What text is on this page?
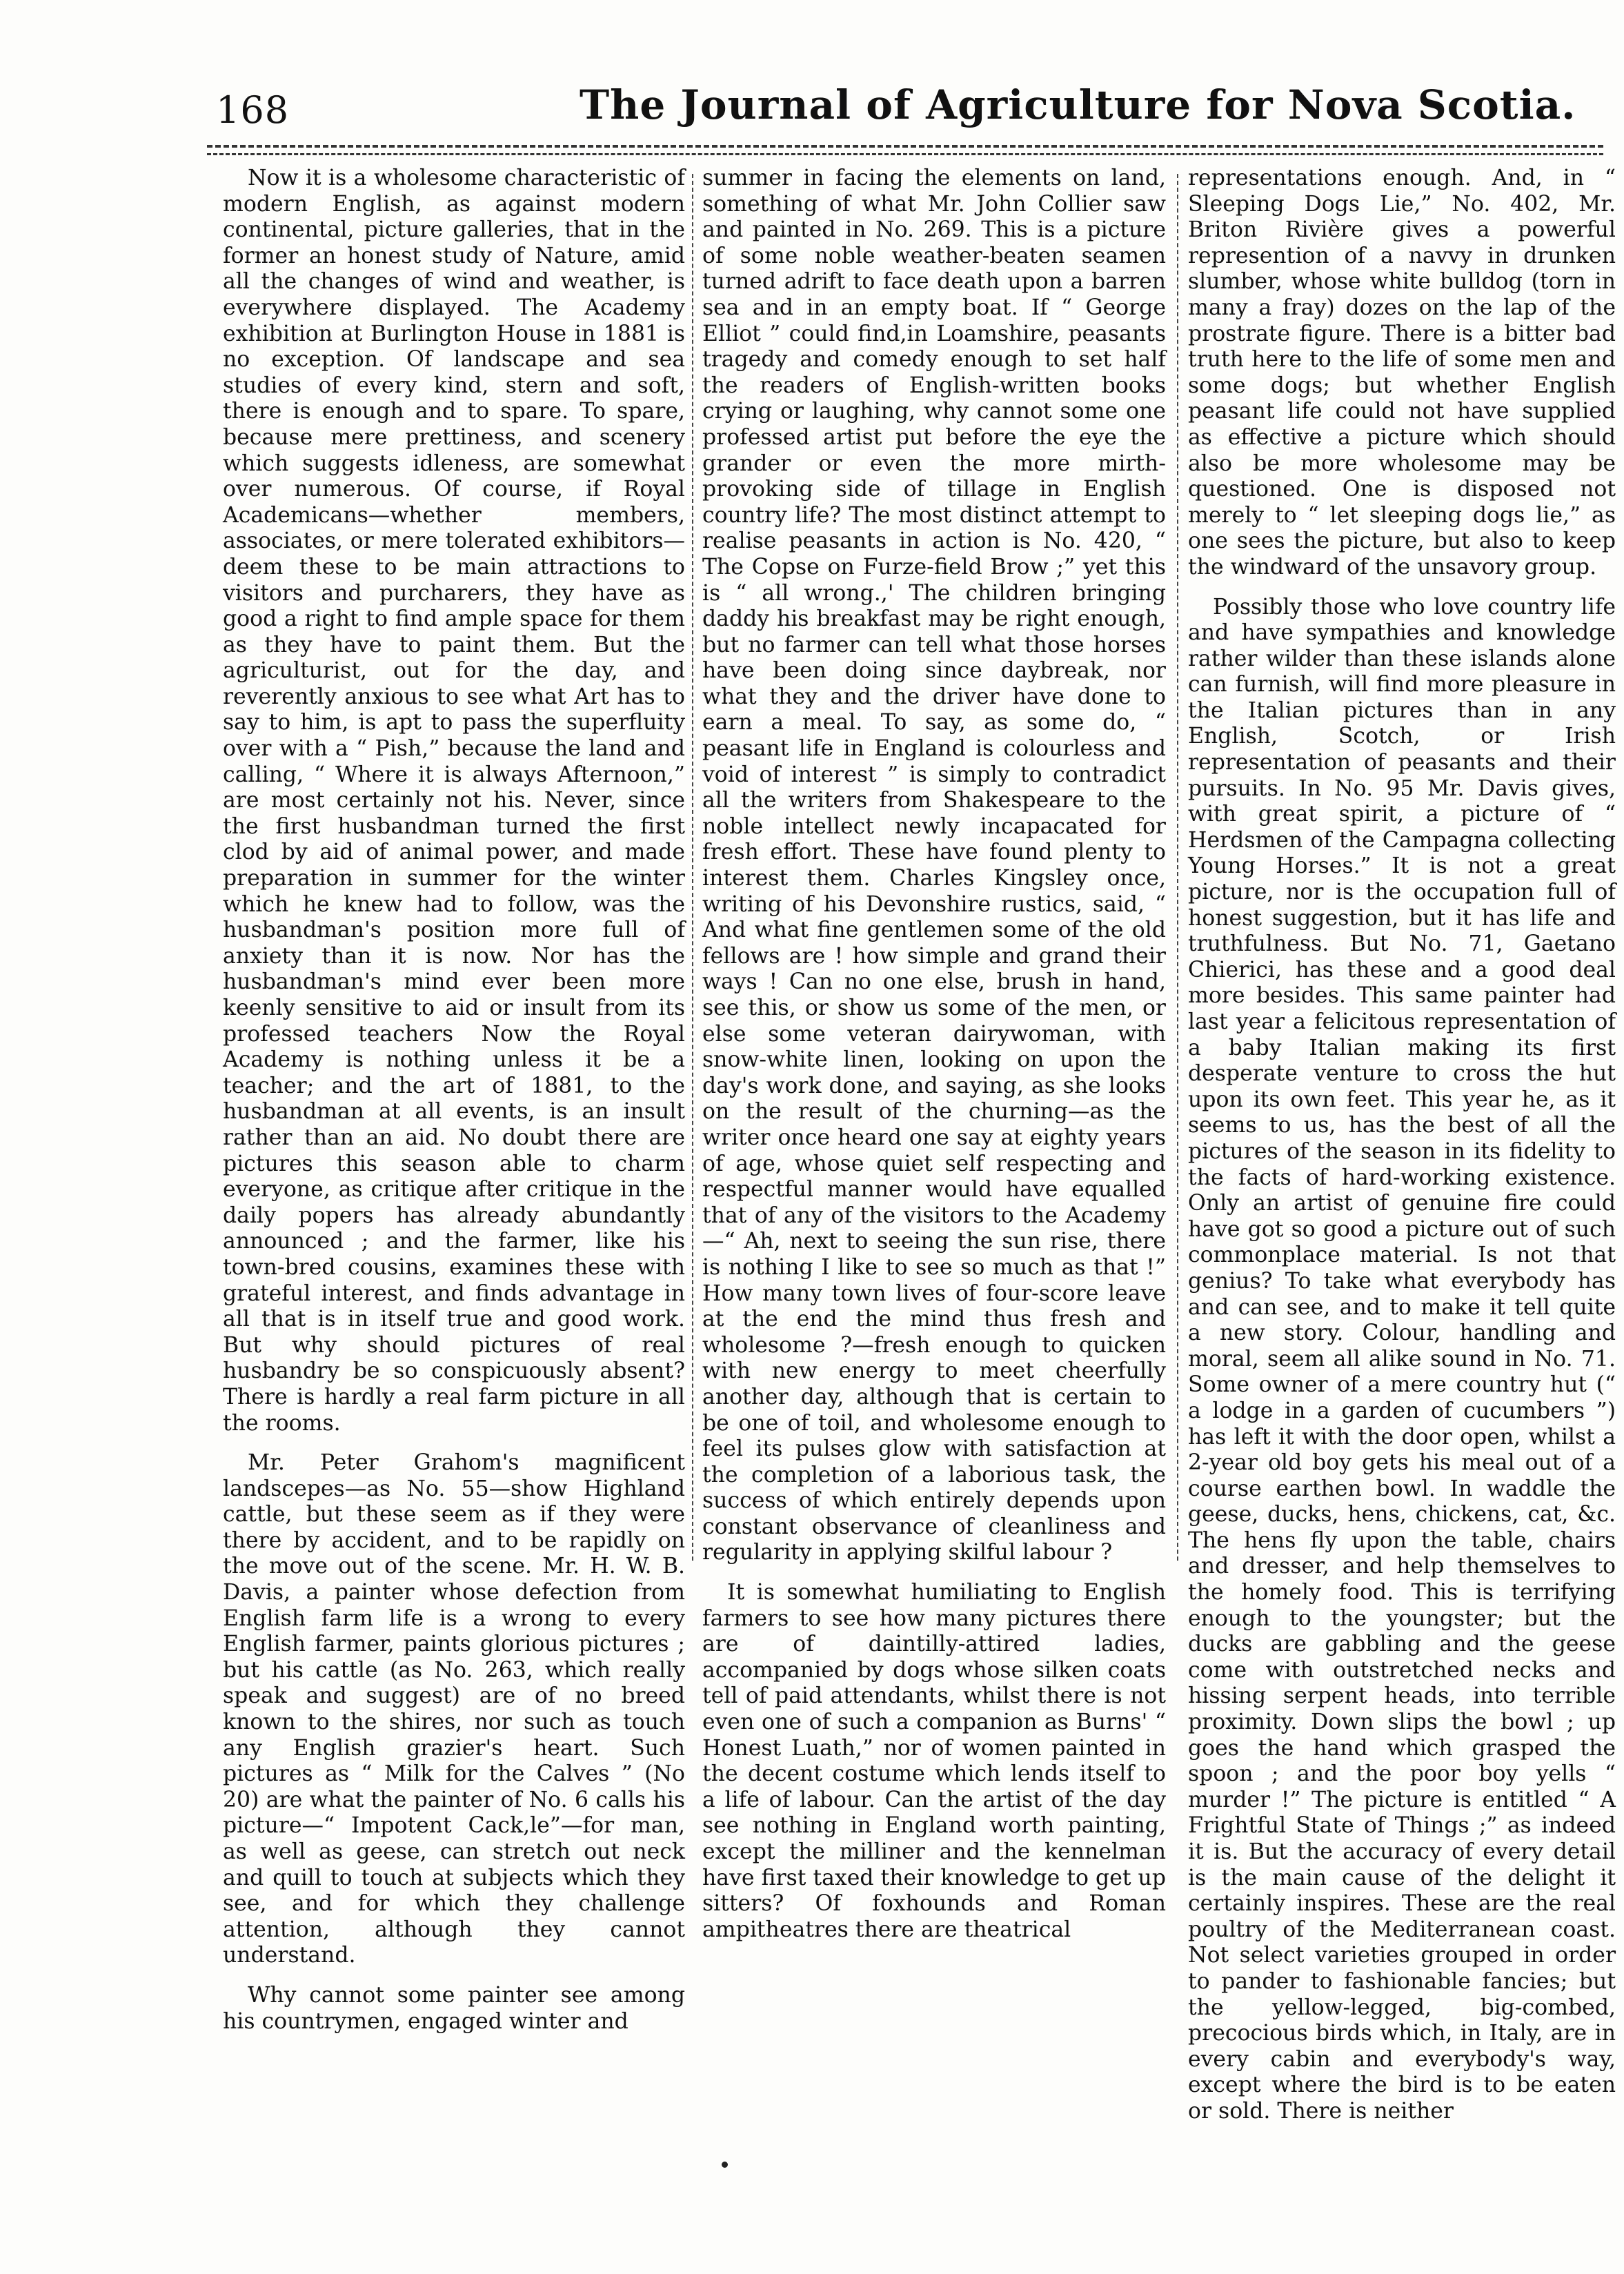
168	The Journal of Agriculture for Nova Scotia.

Now it is a wholesome characteristic of modern English, as against modern continental, picture galleries, that in the former an honest study of Nature, amid all the changes of wind and weather, is everywhere displayed. The Academy exhibition at Burlington House in 1881 is no exception. Of landscape and sea studies of every kind, stern and soft, there is enough and to spare. To spare, because mere prettiness, and scenery which suggests idleness, are somewhat over numerous. Of course, if Royal Academicans—whether members, associates, or mere tolerated exhibitors—deem these to be main attractions to visitors and purcharers, they have as good a right to find ample space for them as they have to paint them. But the agriculturist, out for the day, and reverently anxious to see what Art has to say to him, is apt to pass the superfluity over with a “ Pish,” because the land and calling, “ Where it is always Afternoon,” are most certainly not his. Never, since the first husbandman turned the first clod by aid of animal power, and made preparation in summer for the winter which he knew had to follow, was the husbandman's position more full of anxiety than it is now. Nor has the husbandman's mind ever been more keenly sensitive to aid or insult from its professed teachers Now the Royal Academy is nothing unless it be a teacher; and the art of 1881, to the husbandman at all events, is an insult rather than an aid. No doubt there are pictures this season able to charm everyone, as critique after critique in the daily popers has already abundantly announced ; and the farmer, like his town-bred cousins, examines these with grateful interest, and finds advantage in all that is in itself true and good work. But why should pictures of real husbandry be so conspicuously absent? There is hardly a real farm picture in all the rooms.

Mr. Peter Grahom's magnificent landscepes—as No. 55—show Highland cattle, but these seem as if they were there by accident, and to be rapidly on the move out of the scene. Mr. H. W. B. Davis, a painter whose defection from English farm life is a wrong to every English farmer, paints glorious pictures ; but his cattle (as No. 263, which really speak and suggest) are of no breed known to the shires, nor such as touch any English grazier's heart. Such pictures as “ Milk for the Calves ” (No 20) are what the painter of No. 6 calls his picture—“ Impotent Cack,le”—for man, as well as geese, can stretch out neck and quill to touch at subjects which they see, and for which they challenge attention, although they cannot understand.

Why cannot some painter see among his countrymen, engaged winter and

summer in facing the elements on land, something of what Mr. John Collier saw and painted in No. 269. This is a picture of some noble weather-beaten seamen turned adrift to face death upon a barren sea and in an empty boat. If “ George Elliot ” could find,in Loamshire, peasants tragedy and comedy enough to set half the readers of English-written books crying or laughing, why cannot some one professed artist put before the eye the grander or even the more mirth-provoking side of tillage in English country life? The most distinct attempt to realise peasants in action is No. 420, “ The Copse on Furze-field Brow ;” yet this is “ all wrong.,' The children bringing daddy his breakfast may be right enough, but no farmer can tell what those horses have been doing since daybreak, nor what they and the driver have done to earn a meal. To say, as some do, “ peasant life in England is colourless and void of interest ” is simply to contradict all the writers from Shakespeare to the noble intellect newly incapacated for fresh effort. These have found plenty to interest them. Charles Kingsley once, writing of his Devonshire rustics, said, “ And what fine gentlemen some of the old fellows are ! how simple and grand their ways ! Can no one else, brush in hand, see this, or show us some of the men, or else some veteran dairywoman, with snow-white linen, looking on upon the day's work done, and saying, as she looks on the result of the churning—as the writer once heard one say at eighty years of age, whose quiet self respecting and respectful manner would have equalled that of any of the visitors to the Academy—“ Ah, next to seeing the sun rise, there is nothing I like to see so much as that !” How many town lives of four-score leave at the end the mind thus fresh and wholesome ?—fresh enough to quicken with new energy to meet cheerfully another day, although that is certain to be one of toil, and wholesome enough to feel its pulses glow with satisfaction at the completion of a laborious task, the success of which entirely depends upon constant observance of cleanliness and regularity in applying skilful labour ?

It is somewhat humiliating to English farmers to see how many pictures there are of daintilly-attired ladies, accompanied by dogs whose silken coats tell of paid attendants, whilst there is not even one of such a companion as Burns' “ Honest Luath,” nor of women painted in the decent costume which lends itself to a life of labour. Can the artist of the day see nothing in England worth painting, except the milliner and the kennelman have first taxed their knowledge to get up sitters? Of foxhounds and Roman ampitheatres there are theatrical

representations enough. And, in “ Sleeping Dogs Lie,” No. 402, Mr. Briton Rivière gives a powerful represention of a navvy in drunken slumber, whose white bulldog (torn in many a fray) dozes on the lap of the prostrate figure. There is a bitter bad truth here to the life of some men and some dogs; but whether English peasant life could not have supplied as effective a picture which should also be more wholesome may be questioned. One is disposed not merely to “ let sleeping dogs lie,” as one sees the picture, but also to keep the windward of the unsavory group.

Possibly those who love country life and have sympathies and knowledge rather wilder than these islands alone can furnish, will find more pleasure in the Italian pictures than in any English, Scotch, or Irish representation of peasants and their pursuits. In No. 95 Mr. Davis gives, with great spirit, a picture of “ Herdsmen of the Campagna collecting Young Horses.” It is not a great picture, nor is the occupation full of honest suggestion, but it has life and truthfulness. But No. 71, Gaetano Chierici, has these and a good deal more besides. This same painter had last year a felicitous representation of a baby Italian making its first desperate venture to cross the hut upon its own feet. This year he, as it seems to us, has the best of all the pictures of the season in its fidelity to the facts of hard-working existence. Only an artist of genuine fire could have got so good a picture out of such commonplace material. Is not that genius? To take what everybody has and can see, and to make it tell quite a new story. Colour, handling and moral, seem all alike sound in No. 71. Some owner of a mere country hut (“ a lodge in a garden of cucumbers ”) has left it with the door open, whilst a 2-year old boy gets his meal out of a course earthen bowl. In waddle the geese, ducks, hens, chickens, cat, &c. The hens fly upon the table, chairs and dresser, and help themselves to the homely food. This is terrifying enough to the youngster; but the ducks are gabbling and the geese come with outstretched necks and hissing serpent heads, into terrible proximity. Down slips the bowl ; up goes the hand which grasped the spoon ; and the poor boy yells “ murder !” The picture is entitled “ A Frightful State of Things ;” as indeed it is. But the accuracy of every detail is the main cause of the delight it certainly inspires. These are the real poultry of the Mediterranean coast. Not select varieties grouped in order to pander to fashionable fancies; but the yellow-legged, big-combed, precocious birds which, in Italy, are in every cabin and everybody's way, except where the bird is to be eaten or sold. There is neither
